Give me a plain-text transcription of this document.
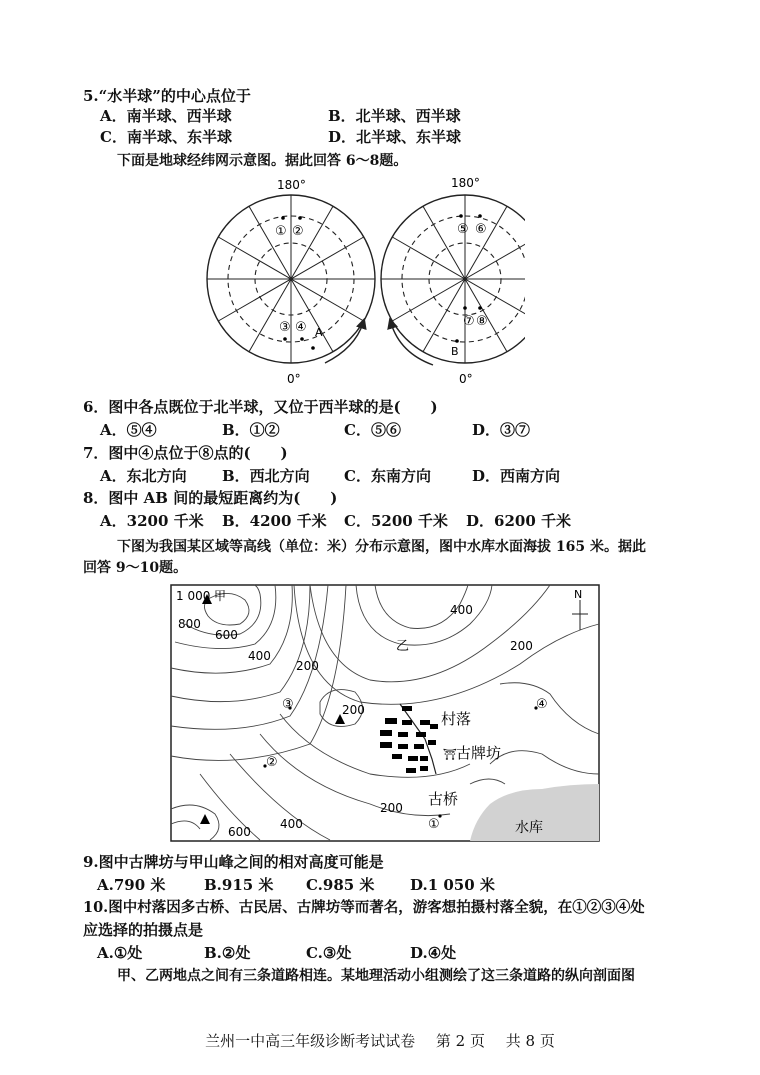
5.“水半球”的中心点位于
A．南半球、西半球	B．北半球、西半球
C．南半球、东半球	D．北半球、东半球
下面是地球经纬网示意图。据此回答 6～8题。
180°
0°
180°
0°
① ②
③ ④ A
⑤ ⑥
⑦ ⑧
B
6．图中各点既位于北半球，又位于西半球的是(　　)
A．⑤④	B．①②	C．⑤⑥	D．③⑦
7．图中④点位于⑧点的(　　)
A．东北方向 B．西北方向 C．东南方向	D．西南方向
8．图中 AB 间的最短距离约为(　　)
A．3200 千米 B．4200 千米 C．5200 千米 D．6200 千米
下图为我国某区域等高线（单位：米）分布示意图，图中水库水面海拔 165 米。据此
回答 9～10题。
⛩
1 000 甲
800
600
400
400
乙	200
200
200
200
400
600
N
村落
古牌坊
古桥
水库
①
②
③	④
9.图中古牌坊与甲山峰之间的相对高度可能是
A.790 米	B.915 米 C.985 米 D.1 050 米
10.图中村落因多古桥、古民居、古牌坊等而著名，游客想拍摄村落全貌，在①②③④处
应选择的拍摄点是
A.①处	B.②处	C.③处	D.④处
甲、乙两地点之间有三条道路相连。某地理活动小组测绘了这三条道路的纵向剖面图
兰州一中高三年级诊断考试试卷 第 2 页 共 8 页
